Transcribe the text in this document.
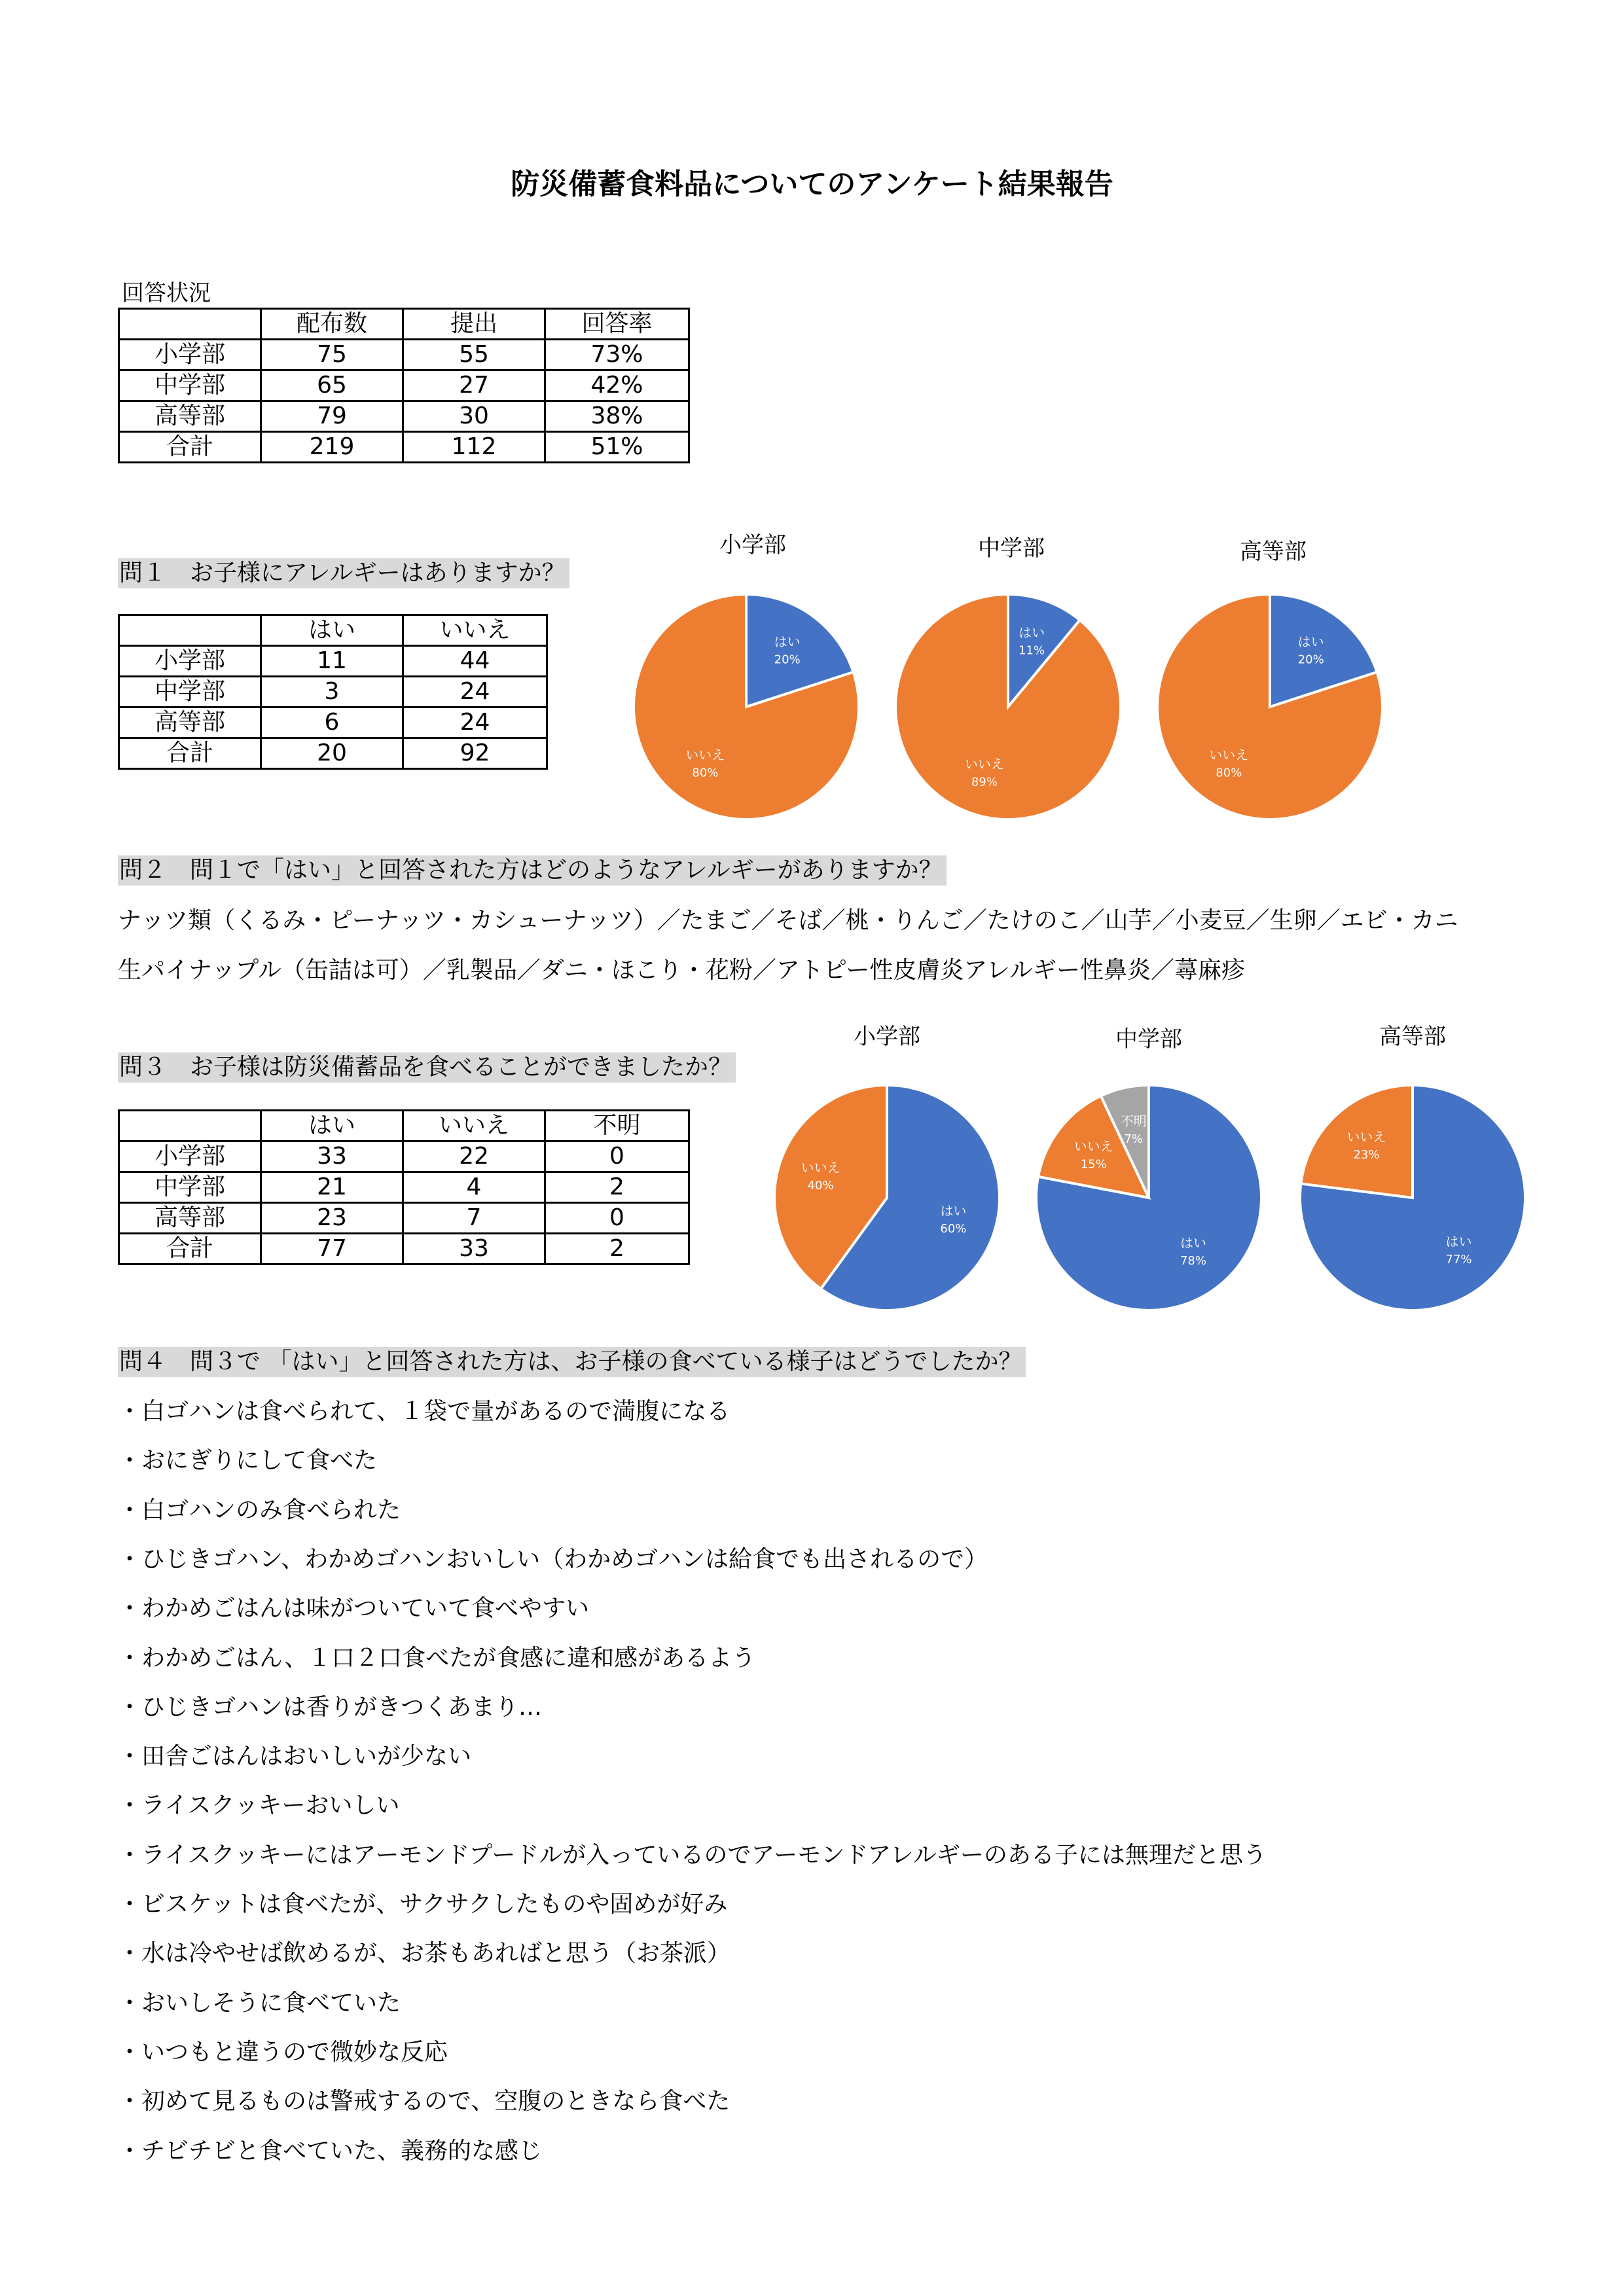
防災備蓄食料品についてのアンケート結果報告
回答状況
	配布数	提出	回答率
小学部	75	55	73%
中学部	65	27	42%
高等部	79	30	38%
合計	219	112	51%
問１　お子様にアレルギーはありますか？
	はい	いいえ
小学部	11	44
中学部	3	24
高等部	6	24
合計	20	92
小学部	中学部	高等部
はい
20%
いいえ
80%
はい
11%
いいえ
89%
はい
20%
いいえ
80%
問２　問１で「はい」と回答された方はどのようなアレルギーがありますか？
ナッツ類（くるみ・ピーナッツ・カシューナッツ）／たまご／そば／桃・りんご／たけのこ／山芋／小麦豆／生卵／エビ・カニ
生パイナップル（缶詰は可）／乳製品／ダニ・ほこり・花粉／アトピー性皮膚炎アレルギー性鼻炎／蕁麻疹
問３　お子様は防災備蓄品を食べることができましたか？
	はい	いいえ	不明
小学部	33	22	0
中学部	21	4	2
高等部	23	7	0
合計	77	33	2
小学部	中学部	高等部
はい
60%
いいえ
40%
はい
78%
いいえ
15%
不明
7%
はい
77%
いいえ
23%
問４　問３で 「はい」と回答された方は、お子様の食べている様子はどうでしたか？
・白ゴハンは食べられて、１袋で量があるので満腹になる
・おにぎりにして食べた
・白ゴハンのみ食べられた
・ひじきゴハン、わかめゴハンおいしい（わかめゴハンは給食でも出されるので）
・わかめごはんは味がついていて食べやすい
・わかめごはん、１口２口食べたが食感に違和感があるよう
・ひじきゴハンは香りがきつくあまり…
・田舎ごはんはおいしいが少ない
・ライスクッキーおいしい
・ライスクッキーにはアーモンドプードルが入っているのでアーモンドアレルギーのある子には無理だと思う
・ビスケットは食べたが、サクサクしたものや固めが好み
・水は冷やせば飲めるが、お茶もあればと思う（お茶派）
・おいしそうに食べていた
・いつもと違うので微妙な反応
・初めて見るものは警戒するので、空腹のときなら食べた
・チビチビと食べていた、義務的な感じ
